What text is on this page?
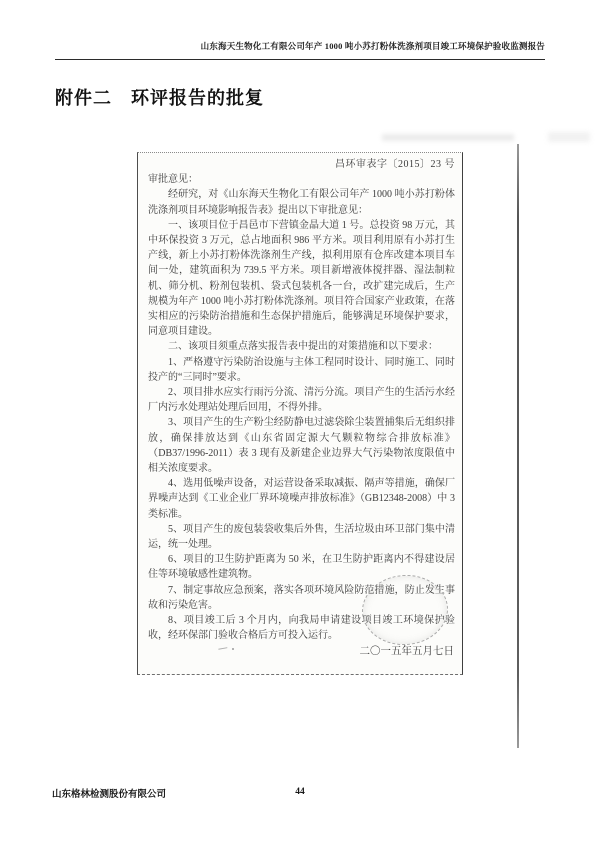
山东海天生物化工有限公司年产 1000 吨小苏打粉体洗涤剂项目竣工环境保护验收监测报告
附件二　环评报告的批复

昌环审表字〔2015〕23 号

审批意见：

经研究，对《山东海天生物化工有限公司年产 1000 吨小苏打粉体洗涤剂项目环境影响报告表》提出以下审批意见：

一、该项目位于昌邑市下营镇金晶大道 1 号。总投资 98 万元，其中环保投资 3 万元，总占地面积 986 平方米。项目利用原有小苏打生产线，新上小苏打粉体洗涤剂生产线，拟利用原有仓库改建本项目车间一处，建筑面积为 739.5 平方米。项目新增液体搅拌器、湿法制粒机、筛分机、粉剂包装机、袋式包装机各一台，改扩建完成后，生产规模为年产 1000 吨小苏打粉体洗涤剂。项目符合国家产业政策，在落实相应的污染防治措施和生态保护措施后，能够满足环境保护要求，同意项目建设。

二、该项目须重点落实报告表中提出的对策措施和以下要求：

1、严格遵守污染防治设施与主体工程同时设计、同时施工、同时投产的“三同时”要求。

2、项目排水应实行雨污分流、清污分流。项目产生的生活污水经厂内污水处理站处理后回用，不得外排。

3、项目产生的生产粉尘经防静电过滤袋除尘装置捕集后无组织排放，确保排放达到《山东省固定源大气颗粒物综合排放标准》（DB37/1996-2011）表 3 现有及新建企业边界大气污染物浓度限值中相关浓度要求。

4、选用低噪声设备，对运营设备采取减振、隔声等措施，确保厂界噪声达到《工业企业厂界环境噪声排放标准》（GB12348-2008）中 3 类标准。

5、项目产生的废包装袋收集后外售，生活垃圾由环卫部门集中清运，统一处理。

6、项目的卫生防护距离为 50 米，在卫生防护距离内不得建设居住等环境敏感性建筑物。

7、制定事故应急预案，落实各项环境风险防范措施，防止发生事故和污染危害。

8、项目竣工后 3 个月内，向我局申请建设项目竣工环境保护验收，经环保部门验收合格后方可投入运行。

二〇一五年五月七日

山东格林检测股份有限公司	44
